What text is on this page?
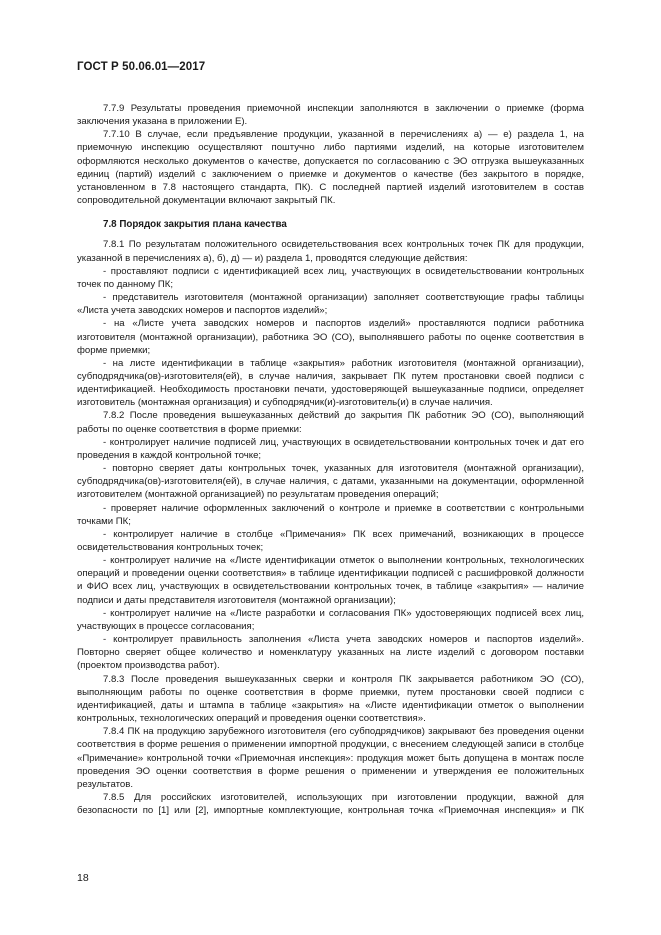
ГОСТ Р 50.06.01—2017

7.7.9 Результаты проведения приемочной инспекции заполняются в заключении о приемке (форма заключения указана в приложении Е).

7.7.10 В случае, если предъявление продукции, указанной в перечислениях а) — е) раздела 1, на приемочную инспекцию осуществляют поштучно либо партиями изделий, на которые изготовителем оформляются несколько документов о качестве, допускается по согласованию с ЭО отгрузка вышеуказанных единиц (партий) изделий с заключением о приемке и документов о качестве (без закрытого в порядке, установленном в 7.8 настоящего стандарта, ПК). С последней партией изделий изготовителем в состав сопроводительной документации включают закрытый ПК.

7.8 Порядок закрытия плана качества

7.8.1 По результатам положительного освидетельствования всех контрольных точек ПК для продукции, указанной в перечислениях а), б), д) — и) раздела 1, проводятся следующие действия:

- проставляют подписи с идентификацией всех лиц, участвующих в освидетельствовании контрольных точек по данному ПК;

- представитель изготовителя (монтажной организации) заполняет соответствующие графы таблицы «Листа учета заводских номеров и паспортов изделий»;

- на «Листе учета заводских номеров и паспортов изделий» проставляются подписи работника изготовителя (монтажной организации), работника ЭО (СО), выполнявшего работы по оценке соответствия в форме приемки;

- на листе идентификации в таблице «закрытия» работник изготовителя (монтажной организации), субподрядчика(ов)-изготовителя(ей), в случае наличия, закрывает ПК путем простановки своей подписи с идентификацией. Необходимость простановки печати, удостоверяющей вышеуказанные подписи, определяет изготовитель (монтажная организация) и субподрядчик(и)-изготовитель(и) в случае наличия.

7.8.2 После проведения вышеуказанных действий до закрытия ПК работник ЭО (СО), выполняющий работы по оценке соответствия в форме приемки:

- контролирует наличие подписей лиц, участвующих в освидетельствовании контрольных точек и дат его проведения в каждой контрольной точке;

- повторно сверяет даты контрольных точек, указанных для изготовителя (монтажной организации), субподрядчика(ов)-изготовителя(ей), в случае наличия, с датами, указанными на документации, оформленной изготовителем (монтажной организацией) по результатам проведения операций;

- проверяет наличие оформленных заключений о контроле и приемке в соответствии с контрольными точками ПК;

- контролирует наличие в столбце «Примечания» ПК всех примечаний, возникающих в процессе освидетельствования контрольных точек;

- контролирует наличие на «Листе идентификации отметок о выполнении контрольных, технологических операций и проведении оценки соответствия» в таблице идентификации подписей с расшифровкой должности и ФИО всех лиц, участвующих в освидетельствовании контрольных точек, в таблице «закрытия» — наличие подписи и даты представителя изготовителя (монтажной организации);

- контролирует наличие на «Листе разработки и согласования ПК» удостоверяющих подписей всех лиц, участвующих в процессе согласования;

- контролирует правильность заполнения «Листа учета заводских номеров и паспортов изделий». Повторно сверяет общее количество и номенклатуру указанных на листе изделий с договором поставки (проектом производства работ).

7.8.3 После проведения вышеуказанных сверки и контроля ПК закрывается работником ЭО (СО), выполняющим работы по оценке соответствия в форме приемки, путем простановки своей подписи с идентификацией, даты и штампа в таблице «закрытия» на «Листе идентификации отметок о выполнении контрольных, технологических операций и проведения оценки соответствия».

7.8.4 ПК на продукцию зарубежного изготовителя (его субподрядчиков) закрывают без проведения оценки соответствия в форме решения о применении импортной продукции, с внесением следующей записи в столбце «Примечание» контрольной точки «Приемочная инспекция»: продукция может быть допущена в монтаж после проведения ЭО оценки соответствия в форме решения о применении и утверждения ее положительных результатов.

7.8.5 Для российских изготовителей, использующих при изготовлении продукции, важной для безопасности по [1] или [2], импортные комплектующие, контрольная точка «Приемочная инспекция» и ПК

18
